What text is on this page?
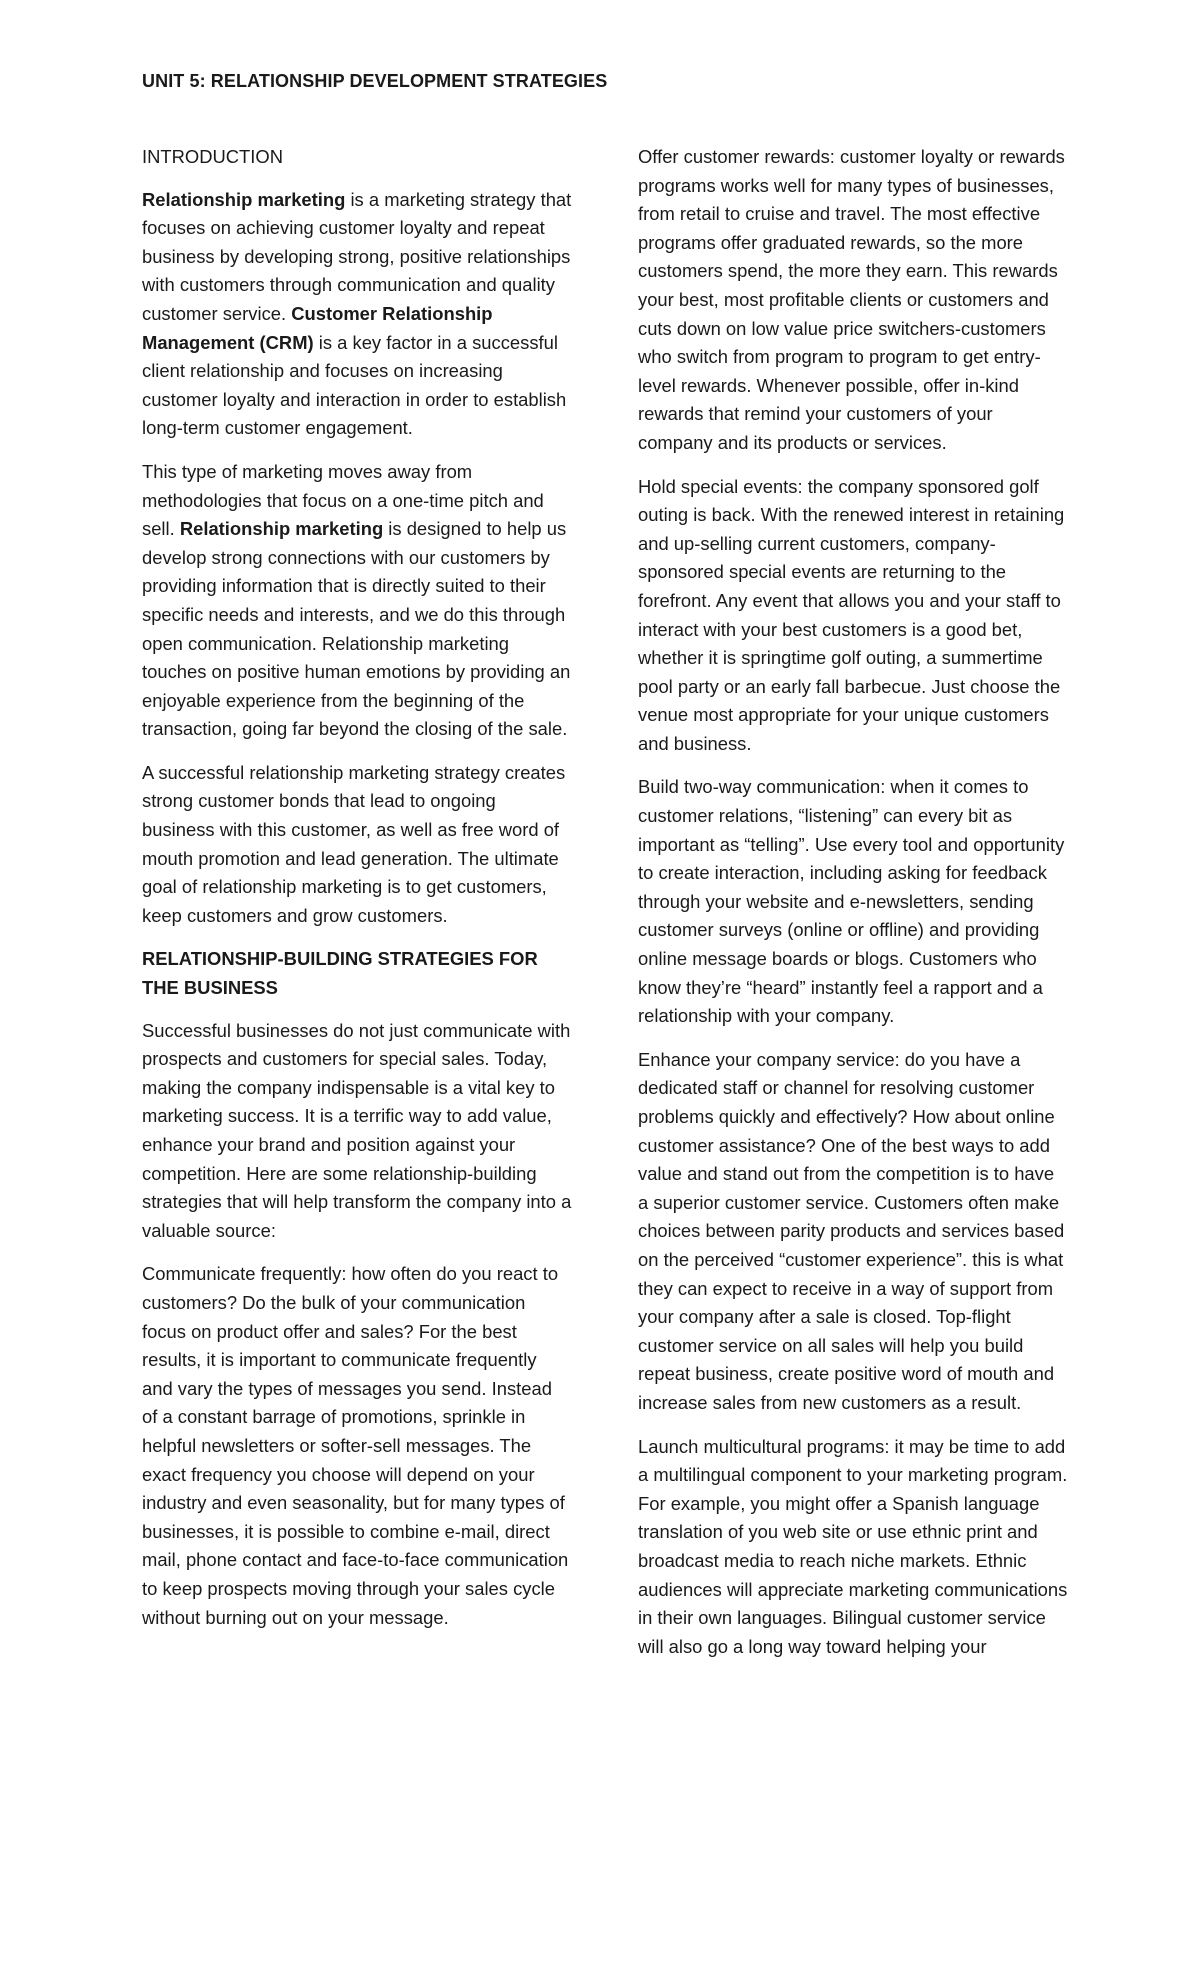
UNIT 5: RELATIONSHIP DEVELOPMENT STRATEGIES

INTRODUCTION

Relationship marketing is a marketing strategy that focuses on achieving customer loyalty and repeat business by developing strong, positive relationships with customers through communication and quality customer service. Customer Relationship Management (CRM) is a key factor in a successful client relationship and focuses on increasing customer loyalty and interaction in order to establish long-term customer engagement.

This type of marketing moves away from methodologies that focus on a one-time pitch and sell. Relationship marketing is designed to help us develop strong connections with our customers by providing information that is directly suited to their specific needs and interests, and we do this through open communication. Relationship marketing touches on positive human emotions by providing an enjoyable experience from the beginning of the transaction, going far beyond the closing of the sale.

A successful relationship marketing strategy creates strong customer bonds that lead to ongoing business with this customer, as well as free word of mouth promotion and lead generation. The ultimate goal of relationship marketing is to get customers, keep customers and grow customers.

RELATIONSHIP-BUILDING STRATEGIES FOR THE BUSINESS

Successful businesses do not just communicate with prospects and customers for special sales. Today, making the company indispensable is a vital key to marketing success. It is a terrific way to add value, enhance your brand and position against your competition. Here are some relationship-building strategies that will help transform the company into a valuable source:

Communicate frequently: how often do you react to customers? Do the bulk of your communication focus on product offer and sales? For the best results, it is important to communicate frequently and vary the types of messages you send. Instead of a constant barrage of promotions, sprinkle in helpful newsletters or softer-sell messages. The exact frequency you choose will depend on your industry and even seasonality, but for many types of businesses, it is possible to combine e-mail, direct mail, phone contact and face-to-face communication to keep prospects moving through your sales cycle without burning out on your message.

Offer customer rewards: customer loyalty or rewards programs works well for many types of businesses, from retail to cruise and travel. The most effective programs offer graduated rewards, so the more customers spend, the more they earn. This rewards your best, most profitable clients or customers and cuts down on low value price switchers-customers who switch from program to program to get entry-level rewards. Whenever possible, offer in-kind rewards that remind your customers of your company and its products or services.

Hold special events: the company sponsored golf outing is back. With the renewed interest in retaining and up-selling current customers, company-sponsored special events are returning to the forefront. Any event that allows you and your staff to interact with your best customers is a good bet, whether it is springtime golf outing, a summertime pool party or an early fall barbecue. Just choose the venue most appropriate for your unique customers and business.

Build two-way communication: when it comes to customer relations, “listening” can every bit as important as “telling”. Use every tool and opportunity to create interaction, including asking for feedback through your website and e-newsletters, sending customer surveys (online or offline) and providing online message boards or blogs. Customers who know they’re “heard” instantly feel a rapport and a relationship with your company.

Enhance your company service: do you have a dedicated staff or channel for resolving customer problems quickly and effectively? How about online customer assistance? One of the best ways to add value and stand out from the competition is to have a superior customer service. Customers often make choices between parity products and services based on the perceived “customer experience”. this is what they can expect to receive in a way of support from your company after a sale is closed. Top-flight customer service on all sales will help you build repeat business, create positive word of mouth and increase sales from new customers as a result.

Launch multicultural programs: it may be time to add a multilingual component to your marketing program. For example, you might offer a Spanish language translation of you web site or use ethnic print and broadcast media to reach niche markets. Ethnic audiences will appreciate marketing communications in their own languages. Bilingual customer service will also go a long way toward helping your
